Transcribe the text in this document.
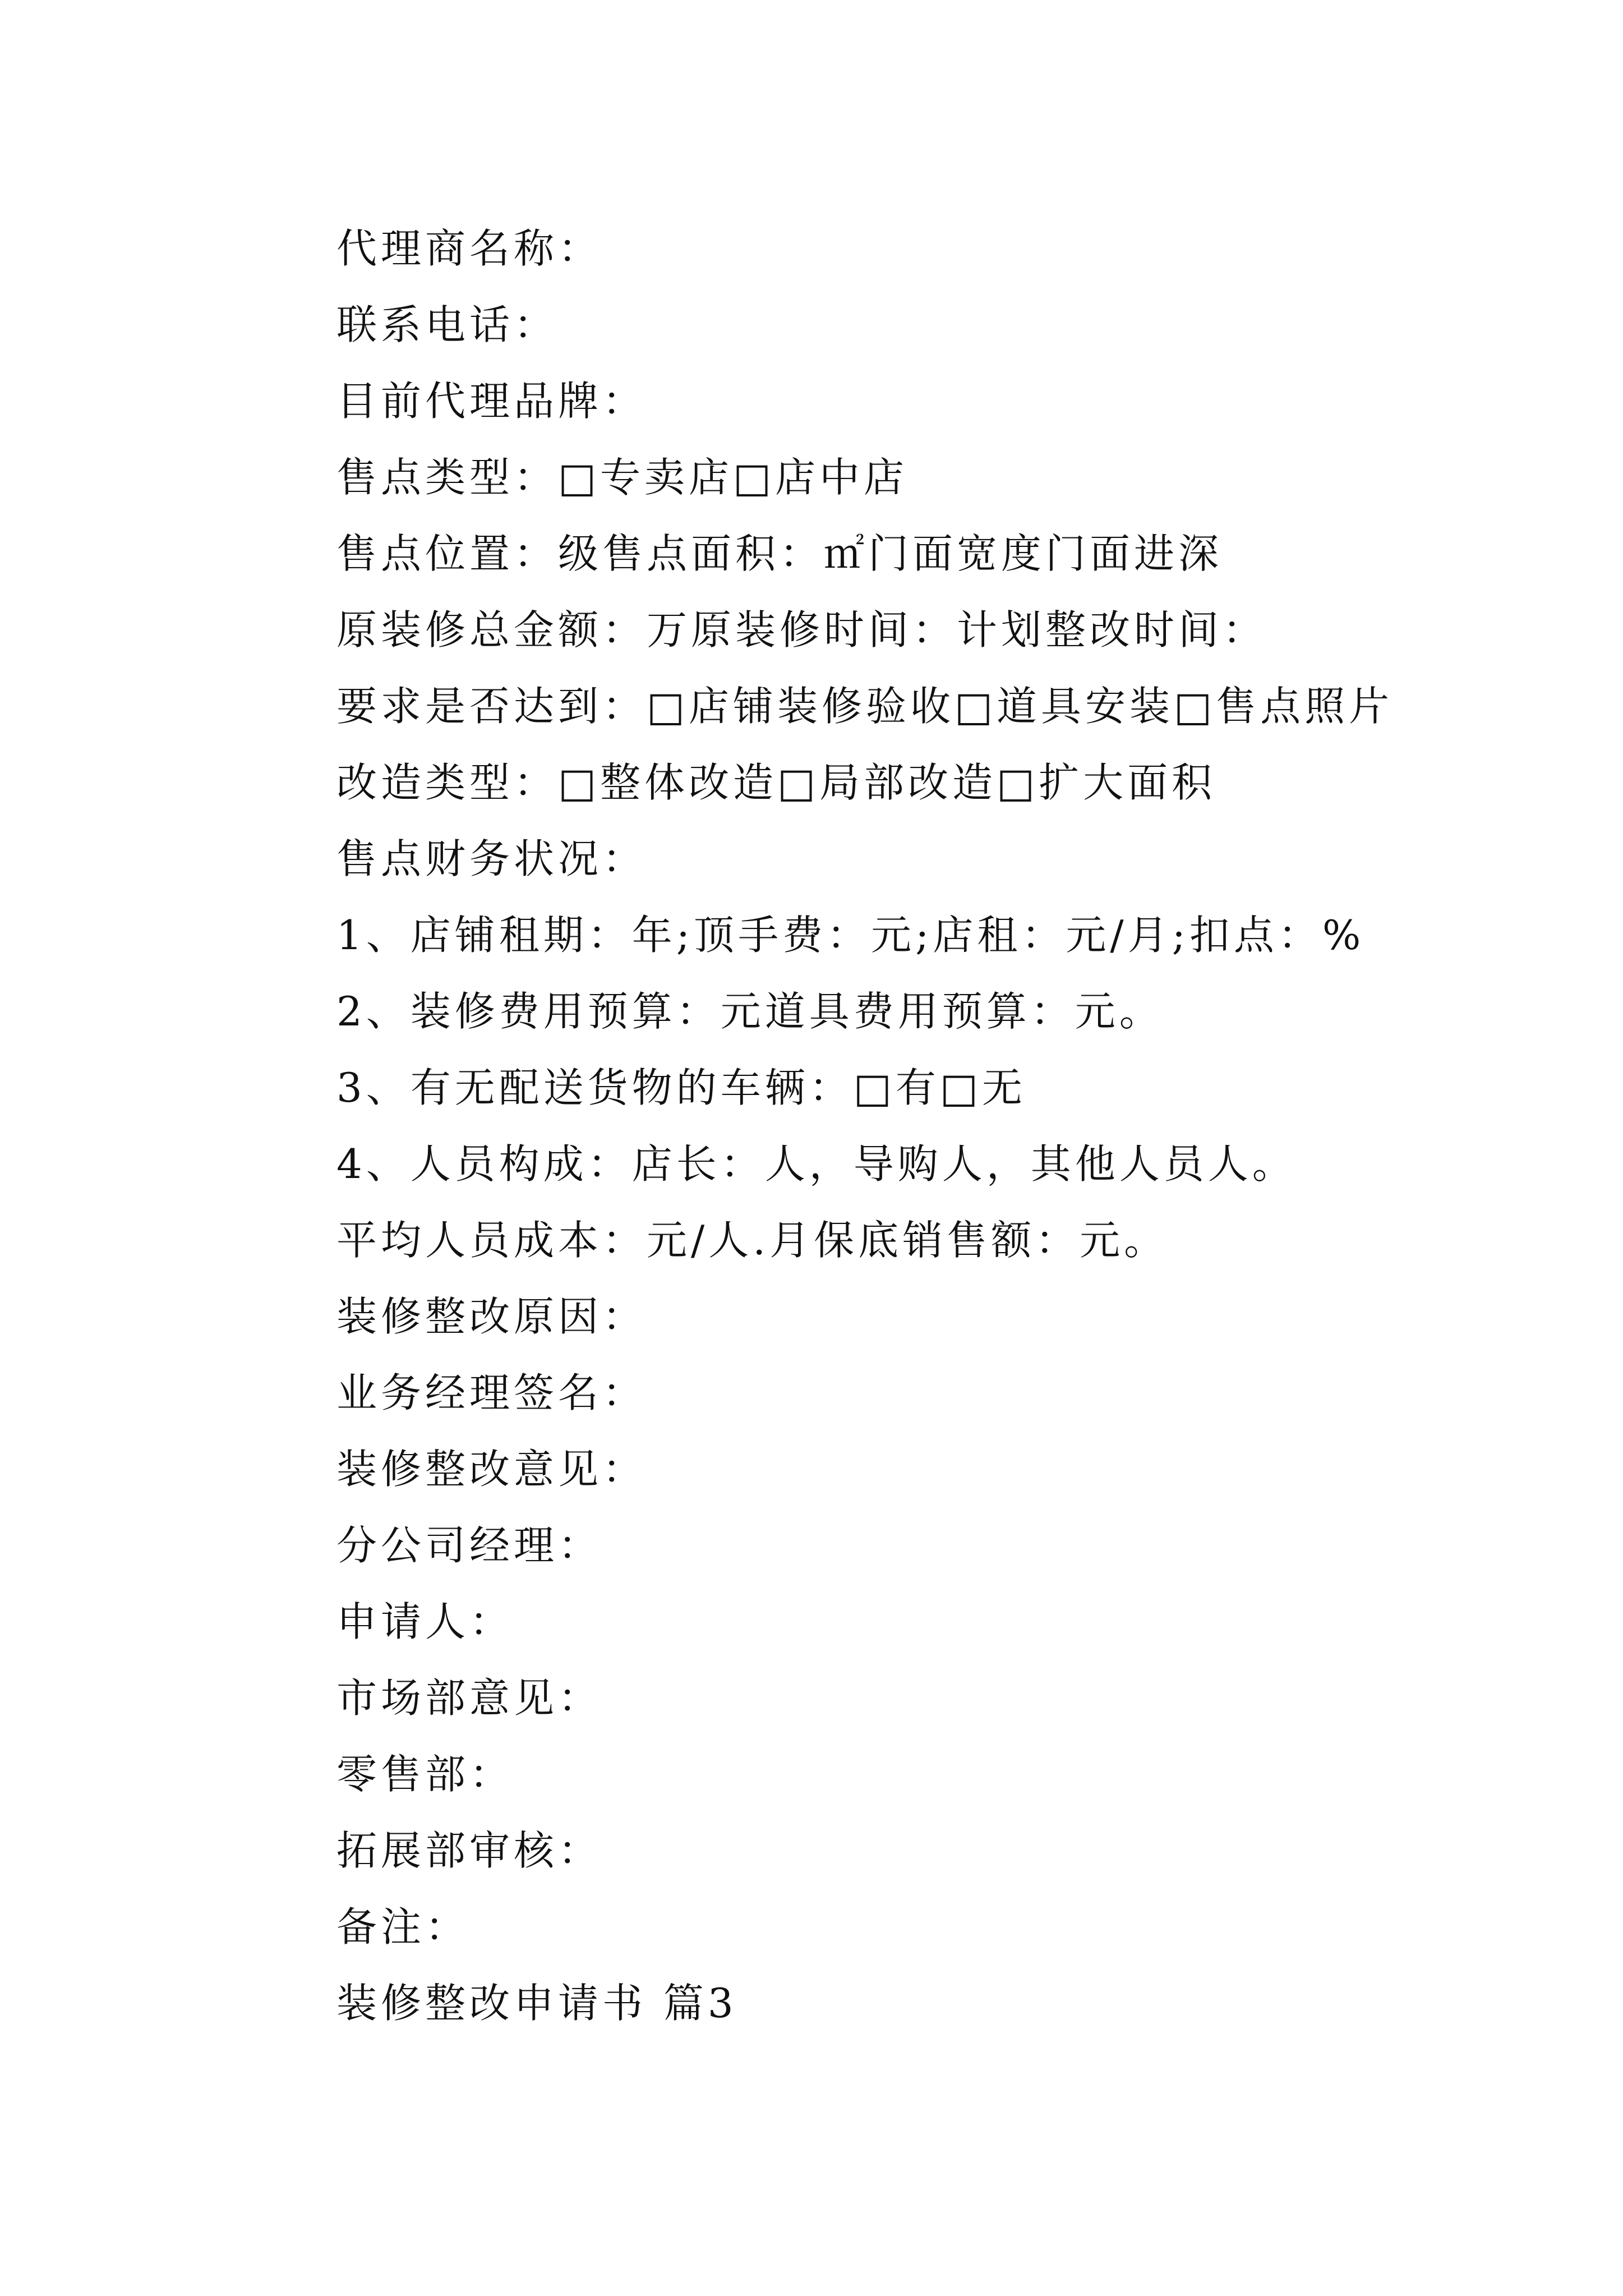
代理商名称：
联系电话：
目前代理品牌：
售点类型：□专卖店□店中店
售点位置：级售点面积：㎡门面宽度门面进深
原装修总金额：万原装修时间：计划整改时间：
要求是否达到：□店铺装修验收□道具安装□售点照片
改造类型：□整体改造□局部改造□扩大面积
售点财务状况：
1、店铺租期：年;顶手费：元;店租：元/月;扣点：%
2、装修费用预算：元道具费用预算：元。
3、有无配送货物的车辆：□有□无
4、人员构成：店长：人，导购人，其他人员人。
平均人员成本：元/人.月保底销售额：元。
装修整改原因：
业务经理签名：
装修整改意见：
分公司经理：
申请人：
市场部意见：
零售部：
拓展部审核：
备注：
装修整改申请书 篇3
